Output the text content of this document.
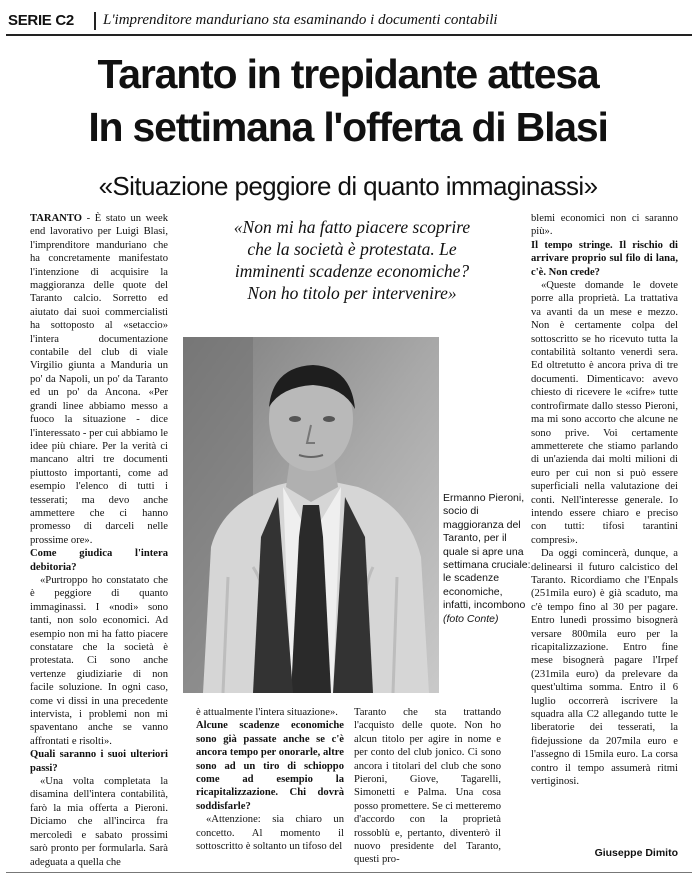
SERIE C2 L'imprenditore manduriano sta esaminando i documenti contabili
Taranto in trepidante attesa
In settimana l'offerta di Blasi
«Situazione peggiore di quanto immaginassi»

TARANTO - È stato un week end lavorativo per Luigi Blasi, l'imprenditore manduriano che ha concretamente manifestato l'intenzione di acquisire la maggioranza delle quote del Taranto calcio. Sorretto ed aiutato dai suoi commercialisti ha sottoposto al «setaccio» l'intera documentazione contabile del club di viale Virgilio giunta a Manduria un po' da Napoli, un po' da Taranto ed un po' da Ancona. «Per grandi linee abbiamo messo a fuoco la situazione - dice l'interessato - per cui abbiamo le idee più chiare. Per la verità ci mancano altri tre documenti piuttosto importanti, come ad esempio l'elenco di tutti i tesserati; ma devo anche ammettere che ci hanno promesso di darceli nelle prossime ore».

Come giudica l'intera debitoria?

«Purtroppo ho constatato che è peggiore di quanto immaginassi. I «nodi» sono tanti, non solo economici. Ad esempio non mi ha fatto piacere constatare che la società è protestata. Ci sono anche vertenze giudiziarie di non facile soluzione. In ogni caso, come vi dissi in una precedente intervista, i problemi non mi spaventano anche se vanno affrontati e risolti».

Quali saranno i suoi ulteriori passi?

«Una volta completata la disamina dell'intera contabilità, farò la mia offerta a Pieroni. Diciamo che all'incirca fra mercoledì e sabato prossimi sarò pronto per formularla. Sarà adeguata a quella che

«Non mi ha fatto piacere scoprire
che la società è protestata. Le
imminenti scadenze economiche?
Non ho titolo per intervenire»
Ermanno Pieroni, socio di maggioranza del Taranto, per il quale si apre una settimana cruciale: le scadenze economiche, infatti, incombono (foto Conte)

è attualmente l'intera situazione».

Alcune scadenze economiche sono già passate anche se c'è ancora tempo per onorarle, altre sono ad un tiro di schioppo come ad esempio la ricapitalizzazione. Chi dovrà soddisfarle?

«Attenzione: sia chiaro un concetto. Al momento il sottoscritto è soltanto un tifoso del

Taranto che sta trattando l'acquisto delle quote. Non ho alcun titolo per agire in nome e per conto del club jonico. Ci sono ancora i titolari del club che sono Pieroni, Giove, Tagarelli, Simonetti e Palma. Una cosa posso promettere. Se ci metteremo d'accordo con la proprietà rossoblù e, pertanto, diventerò il nuovo presidente del Taranto, questi pro-

blemi economici non ci saranno più».

Il tempo stringe. Il rischio di arrivare proprio sul filo di lana, c'è. Non crede?

«Queste domande le dovete porre alla proprietà. La trattativa va avanti da un mese e mezzo. Non è certamente colpa del sottoscritto se ho ricevuto tutta la contabilità soltanto venerdì sera. Ed oltretutto è ancora priva di tre documenti. Dimenticavo: avevo chiesto di ricevere le «cifre» tutte controfirmate dallo stesso Pieroni, ma mi sono accorto che alcune ne sono prive. Voi certamente ammetterete che stiamo parlando di un'azienda dai molti milioni di euro per cui non si può essere superficiali nella valutazione dei conti. Nell'interesse generale. Io intendo essere chiaro e preciso con tutti: tifosi tarantini compresi».

Da oggi comincerà, dunque, a delinearsi il futuro calcistico del Taranto. Ricordiamo che l'Enpals (251mila euro) è già scaduto, ma c'è tempo fino al 30 per pagare. Entro lunedì prossimo bisognerà versare 800mila euro per la ricapitalizzazione. Entro fine mese bisognerà pagare l'Irpef (231mila euro) da prelevare da quest'ultima somma. Entro il 6 luglio occorrerà iscrivere la squadra alla C2 allegando tutte le liberatorie dei tesserati, la fidejussione da 207mila euro e l'assegno di 15mila euro. La corsa contro il tempo assumerà ritmi vertiginosi.

Giuseppe Dimito
